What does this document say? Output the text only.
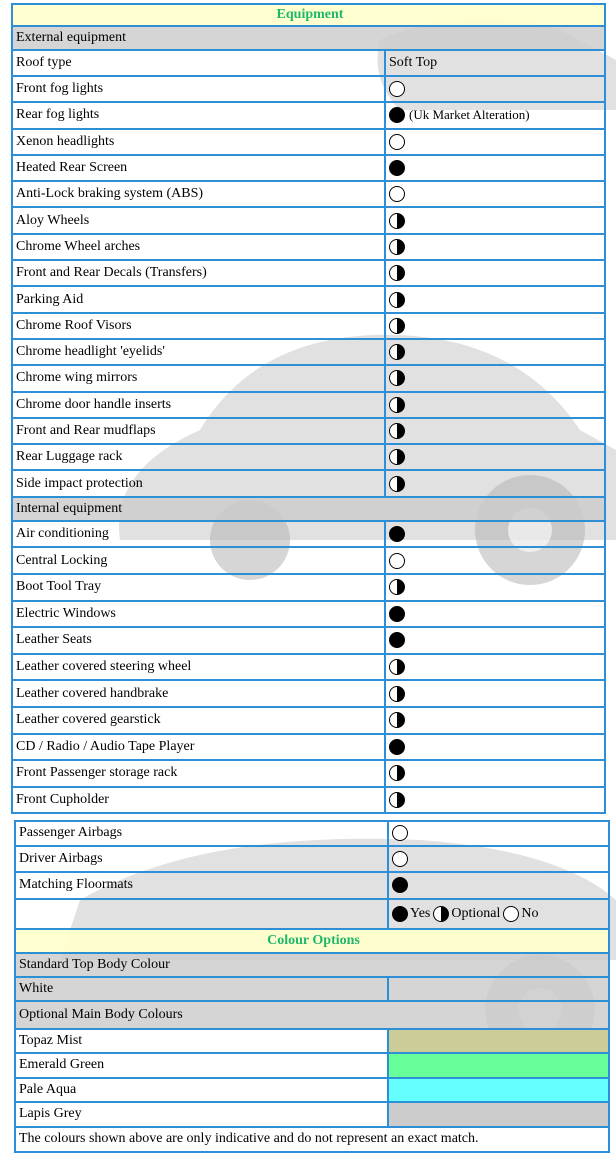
Equipment
External equipment
Roof type	Soft Top
Front fog lights
Rear fog lights	(Uk Market Alteration)
Xenon headlights
Heated Rear Screen
Anti-Lock braking system (ABS)
Aloy Wheels
Chrome Wheel arches
Front and Rear Decals (Transfers)
Parking Aid
Chrome Roof Visors
Chrome headlight 'eyelids'
Chrome wing mirrors
Chrome door handle inserts
Front and Rear mudflaps
Rear Luggage rack
Side impact protection
Internal equipment
Air conditioning
Central Locking
Boot Tool Tray
Electric Windows
Leather Seats
Leather covered steering wheel
Leather covered handbrake
Leather covered gearstick
CD / Radio / Audio Tape Player
Front Passenger storage rack
Front Cupholder
Passenger Airbags
Driver Airbags
Matching Floormats
Yes Optional No
Colour Options
Standard Top Body Colour
White
Optional Main Body Colours
Topaz Mist
Emerald Green
Pale Aqua
Lapis Grey
The colours shown above are only indicative and do not represent an exact match.
